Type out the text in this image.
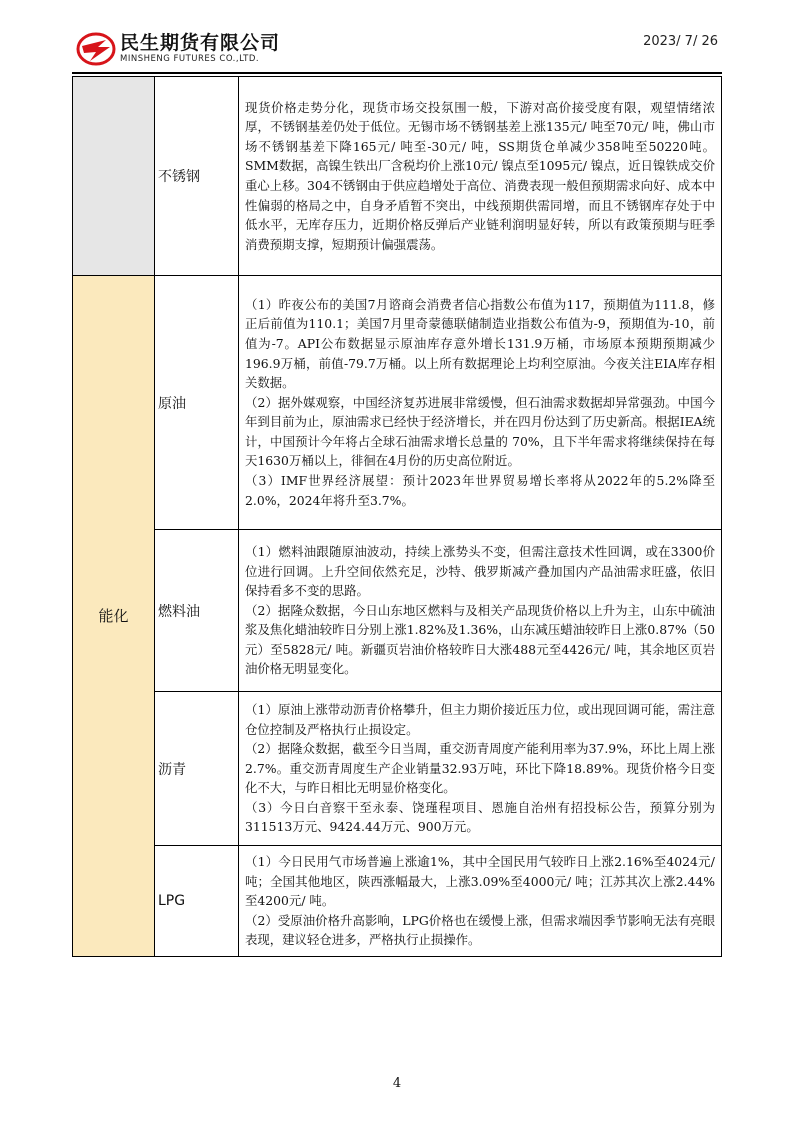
民生期货有限公司
MINSHENG FUTURES CO.,LTD.
2023/ 7/ 26
	不锈钢	现货价格走势分化，现货市场交投氛围一般，下游对高价接受度有限，观望情绪浓厚，不锈钢基差仍处于低位。无锡市场不锈钢基差上涨135元/ 吨至70元/ 吨，佛山市场不锈钢基差下降165元/ 吨至-30元/ 吨，SS期货仓单减少358吨至50220吨。SMM数据，高镍生铁出厂含税均价上涨10元/ 镍点至1095元/ 镍点，近日镍铁成交价重心上移。304不锈钢由于供应趋增处于高位、消费表现一般但预期需求向好、成本中性偏弱的格局之中，自身矛盾暂不突出，中线预期供需同增，而且不锈钢库存处于中低水平，无库存压力，近期价格反弹后产业链利润明显好转，所以有政策预期与旺季消费预期支撑，短期预计偏强震荡。

能化	原油	（1）昨夜公布的美国7月谘商会消费者信心指数公布值为117，预期值为111.8，修正后前值为110.1；美国7月里奇蒙德联储制造业指数公布值为-9，预期值为-10，前值为-7。API公布数据显示原油库存意外增长131.9万桶，市场原本预期预期减少196.9万桶，前值-79.7万桶。以上所有数据理论上均利空原油。今夜关注EIA库存相关数据。

（2）据外媒观察，中国经济复苏进展非常缓慢，但石油需求数据却异常强劲。中国今年到目前为止，原油需求已经快于经济增长，并在四月份达到了历史新高。根据IEA统计，中国预计今年将占全球石油需求增长总量的 70%，且下半年需求将继续保持在每天1630万桶以上，徘徊在4月份的历史高位附近。

（3）IMF世界经济展望：预计2023年世界贸易增长率将从2022年的5.2%降至2.0%，2024年将升至3.7%。

	燃料油	（1）燃料油跟随原油波动，持续上涨势头不变，但需注意技术性回调，或在3300价位进行回调。上升空间依然充足，沙特、俄罗斯减产叠加国内产品油需求旺盛，依旧保持看多不变的思路。

（2）据隆众数据，今日山东地区燃料与及相关产品现货价格以上升为主，山东中硫油浆及焦化蜡油较昨日分别上涨1.82%及1.36%，山东减压蜡油较昨日上涨0.87%（50元）至5828元/ 吨。新疆页岩油价格较昨日大涨488元至4426元/ 吨，其余地区页岩油价格无明显变化。

	沥青	（1）原油上涨带动沥青价格攀升，但主力期价接近压力位，或出现回调可能，需注意仓位控制及严格执行止损设定。

（2）据隆众数据，截至今日当周，重交沥青周度产能利用率为37.9%，环比上周上涨2.7%。重交沥青周度生产企业销量32.93万吨，环比下降18.89%。现货价格今日变化不大，与昨日相比无明显价格变化。

（3）今日白音察干至永泰、饶瑾程项目、恩施自治州有招投标公告，预算分别为311513万元、9424.44万元、900万元。

	LPG	（1）今日民用气市场普遍上涨逾1%，其中全国民用气较昨日上涨2.16%至4024元/ 吨；全国其他地区，陕西涨幅最大，上涨3.09%至4000元/ 吨；江苏其次上涨2.44%至4200元/ 吨。

（2）受原油价格升高影响，LPG价格也在缓慢上涨，但需求端因季节影响无法有亮眼表现，建议轻仓进多，严格执行止损操作。

4
